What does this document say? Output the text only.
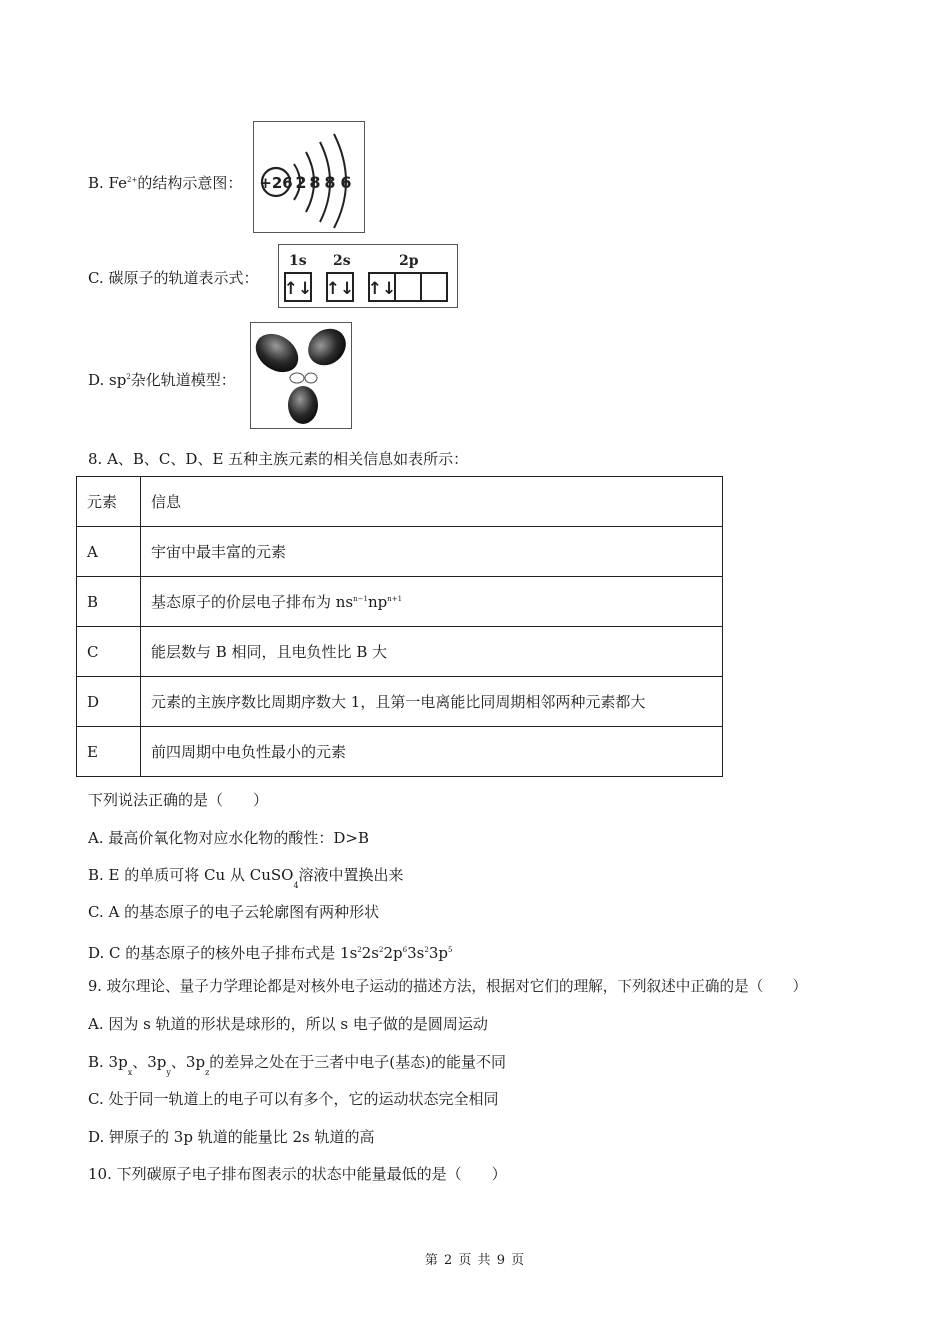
B. $Fe^{2+}$的结构示意图： +26 2 8 8 6
C. 碳原子的轨道表示式：
1s 2s	2p
↑↓ ↑↓ ↑↓
D. $sp^2$杂化轨道模型：
8. A、B、C、D、E 五种主族元素的相关信息如表所示：
元素	信息
A	宇宙中最丰富的元素
B	基态原子的价层电子排布为 $ns^{n-1}np^{n+1}$
C	能层数与 B 相同，且电负性比 B 大
D	元素的主族序数比周期序数大 1，且第一电离能比同周期相邻两种元素都大
E	前四周期中电负性最小的元素
下列说法正确的是（　　）
A. 最高价氧化物对应水化物的酸性：D>B
B. E 的单质可将 Cu 从 CuSO$_4$溶液中置换出来
C. A 的基态原子的电子云轮廓图有两种形状
D. C 的基态原子的核外电子排布式是 $1s^22s^22p^63s^23p^5$
9. 玻尔理论、量子力学理论都是对核外电子运动的描述方法，根据对它们的理解，下列叙述中正确的是（　　）
A. 因为 s 轨道的形状是球形的，所以 s 电子做的是圆周运动
B. $3p_x$、$3p_y$、$3p_z$的差异之处在于三者中电子(基态)的能量不同
C. 处于同一轨道上的电子可以有多个，它的运动状态完全相同
D. 钾原子的 3p 轨道的能量比 2s 轨道的高
10. 下列碳原子电子排布图表示的状态中能量最低的是（　　）
第 2 页 共 9 页
